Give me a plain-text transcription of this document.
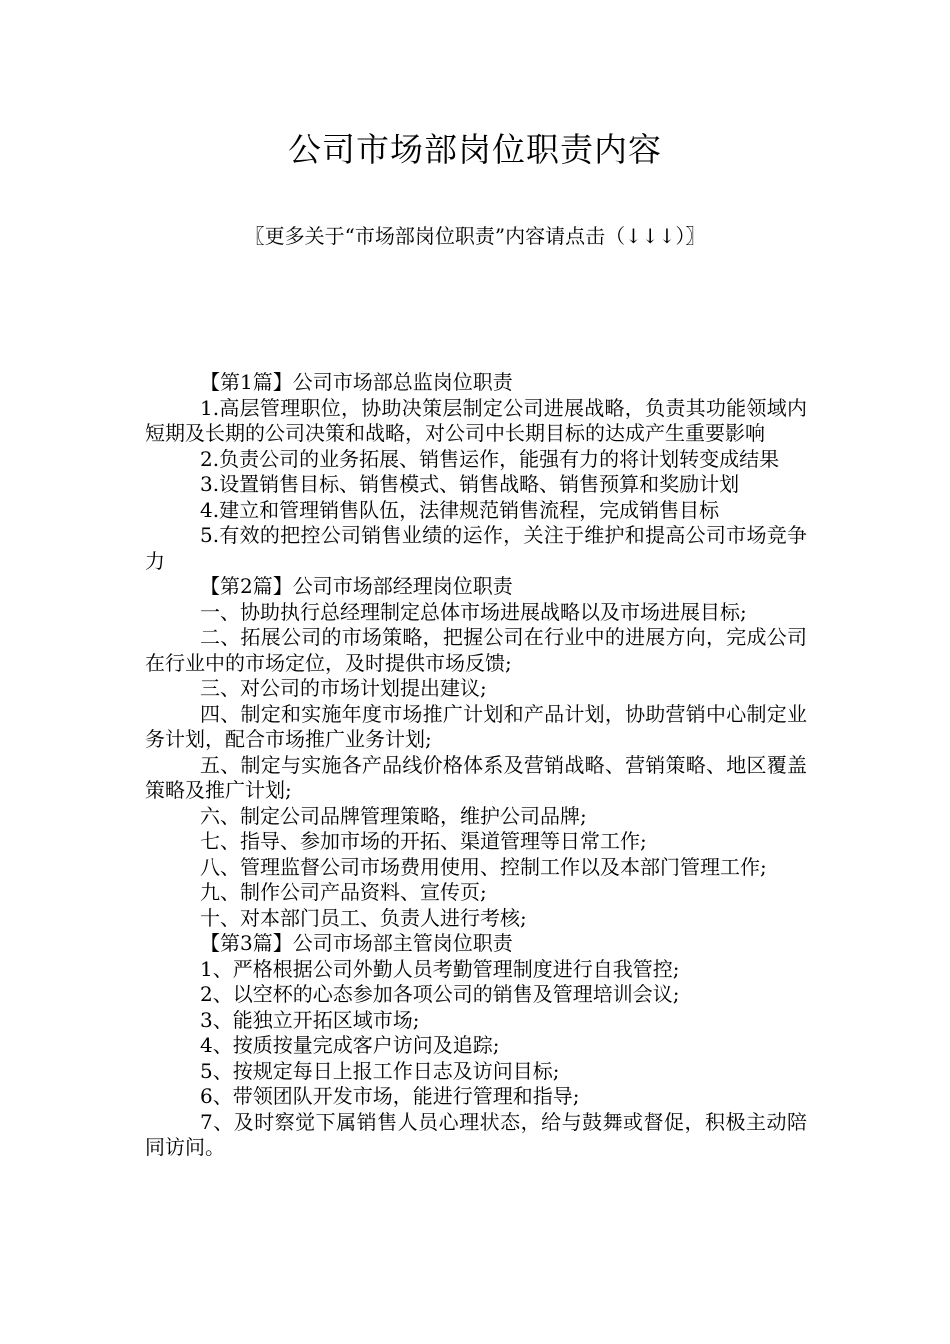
公司市场部岗位职责内容
〖更多关于“市场部岗位职责”内容请点击（↓↓↓）〗

【第1篇】公司市场部总监岗位职责

1.高层管理职位，协助决策层制定公司进展战略，负责其功能领域内短期及长期的公司决策和战略，对公司中长期目标的达成产生重要影响

2.负责公司的业务拓展、销售运作，能强有力的将计划转变成结果

3.设置销售目标、销售模式、销售战略、销售预算和奖励计划

4.建立和管理销售队伍，法律规范销售流程，完成销售目标

5.有效的把控公司销售业绩的运作，关注于维护和提高公司市场竞争力

【第2篇】公司市场部经理岗位职责

一、协助执行总经理制定总体市场进展战略以及市场进展目标;

二、拓展公司的市场策略，把握公司在行业中的进展方向，完成公司在行业中的市场定位，及时提供市场反馈;

三、对公司的市场计划提出建议;

四、制定和实施年度市场推广计划和产品计划，协助营销中心制定业务计划，配合市场推广业务计划;

五、制定与实施各产品线价格体系及营销战略、营销策略、地区覆盖策略及推广计划;

六、制定公司品牌管理策略，维护公司品牌;

七、指导、参加市场的开拓、渠道管理等日常工作;

八、管理监督公司市场费用使用、控制工作以及本部门管理工作;

九、制作公司产品资料、宣传页;

十、对本部门员工、负责人进行考核;

【第3篇】公司市场部主管岗位职责

1、严格根据公司外勤人员考勤管理制度进行自我管控;

2、以空杯的心态参加各项公司的销售及管理培训会议;

3、能独立开拓区域市场;

4、按质按量完成客户访问及追踪;

5、按规定每日上报工作日志及访问目标;

6、带领团队开发市场，能进行管理和指导;

7、及时察觉下属销售人员心理状态，给与鼓舞或督促，积极主动陪同访问。
